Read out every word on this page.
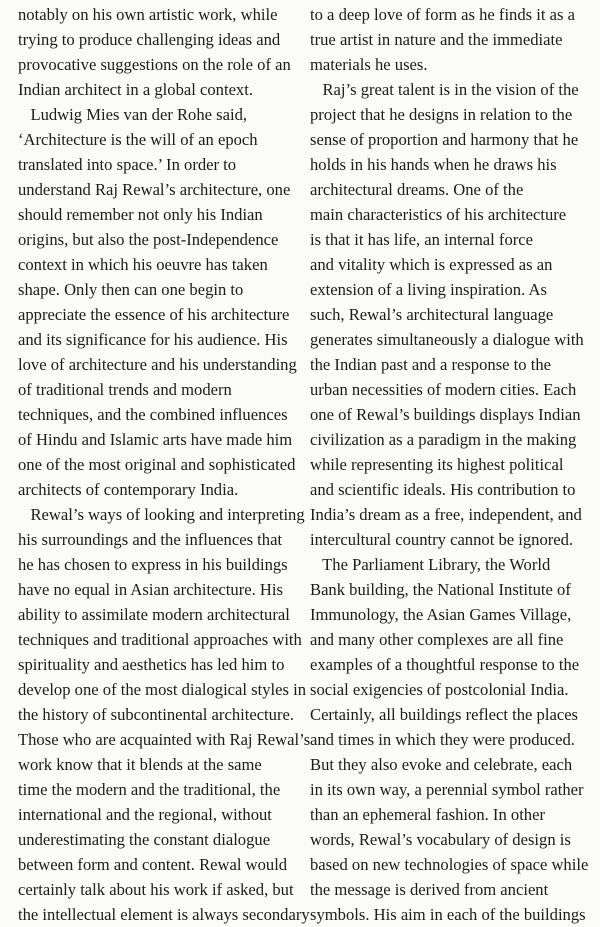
notably on his own artistic work, while
trying to produce challenging ideas and
provocative suggestions on the role of an
Indian architect in a global context.
Ludwig Mies van der Rohe said,
‘Architecture is the will of an epoch
translated into space.’ In order to
understand Raj Rewal’s architecture, one
should remember not only his Indian
origins, but also the post-Independence
context in which his oeuvre has taken
shape. Only then can one begin to
appreciate the essence of his architecture
and its significance for his audience. His
love of architecture and his understanding
of traditional trends and modern
techniques, and the combined influences
of Hindu and Islamic arts have made him
one of the most original and sophisticated
architects of contemporary India.
Rewal’s ways of looking and interpreting
his surroundings and the influences that
he has chosen to express in his buildings
have no equal in Asian architecture. His
ability to assimilate modern architectural
techniques and traditional approaches with
spirituality and aesthetics has led him to
develop one of the most dialogical styles in
the history of subcontinental architecture.
Those who are acquainted with Raj Rewal’s
work know that it blends at the same
time the modern and the traditional, the
international and the regional, without
underestimating the constant dialogue
between form and content. Rewal would
certainly talk about his work if asked, but
the intellectual element is always secondary
to a deep love of form as he finds it as a
true artist in nature and the immediate
materials he uses.
Raj’s great talent is in the vision of the
project that he designs in relation to the
sense of proportion and harmony that he
holds in his hands when he draws his
architectural dreams. One of the
main characteristics of his architecture
is that it has life, an internal force
and vitality which is expressed as an
extension of a living inspiration. As
such, Rewal’s architectural language
generates simultaneously a dialogue with
the Indian past and a response to the
urban necessities of modern cities. Each
one of Rewal’s buildings displays Indian
civilization as a paradigm in the making
while representing its highest political
and scientific ideals. His contribution to
India’s dream as a free, independent, and
intercultural country cannot be ignored.
The Parliament Library, the World
Bank building, the National Institute of
Immunology, the Asian Games Village,
and many other complexes are all fine
examples of a thoughtful response to the
social exigencies of postcolonial India.
Certainly, all buildings reflect the places
and times in which they were produced.
But they also evoke and celebrate, each
in its own way, a perennial symbol rather
than an ephemeral fashion. In other
words, Rewal’s vocabulary of design is
based on new technologies of space while
the message is derived from ancient
symbols. His aim in each of the buildings
